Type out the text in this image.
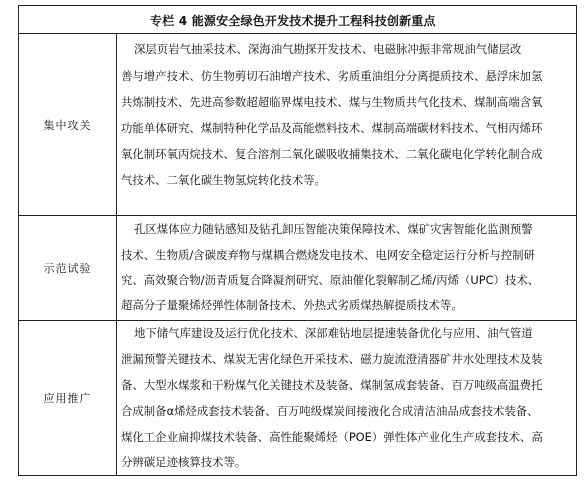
专栏 4 能源安全绿色开发技术提升工程科技创新重点
集中攻关
深层页岩气抽采技术、深海油气勘探开发技术、电磁脉冲振非常规油气储层改
善与增产技术、仿生物剪切石油增产技术、劣质重油组分分离提质技术、悬浮床加氢
共炼制技术、先进高参数超超临界煤电技术、煤与生物质共气化技术、煤制高端含氧
功能单体研究、煤制特种化学品及高能燃料技术、煤制高端碳材料技术、气相丙烯环
氧化制环氧丙烷技术、复合溶剂二氧化碳吸收捕集技术、二氧化碳电化学转化制合成
气技术、二氧化碳生物氢烷转化技术等。
示范试验
孔区煤体应力随钻感知及钻孔卸压智能决策保障技术、煤矿灾害智能化监测预警
技术、生物质/含碳废弃物与煤耦合燃烧发电技术、电网安全稳定运行分析与控制研
究、高效聚合物/沥青质复合降凝剂研究、原油催化裂解制乙烯/丙烯（UPC）技术、
超高分子量聚烯烃弹性体制备技术、外热式劣质煤热解提质技术等。
应用推广
地下储气库建设及运行优化技术、深部难钻地层提速装备优化与应用、油气管道
泄漏预警关键技术、煤炭无害化绿色开采技术、磁力旋流澄清器矿井水处理技术及装
备、大型水煤浆和干粉煤气化关键技术及装备、煤制氢成套装备、百万吨级高温费托
合成制备α烯烃成套技术装备、百万吨级煤炭间接液化合成清洁油品成套技术装备、
煤化工企业扁抑煤技术装备、高性能聚烯烃（POE）弹性体产业化生产成套技术、高
分辨碳足迹核算技术等。
